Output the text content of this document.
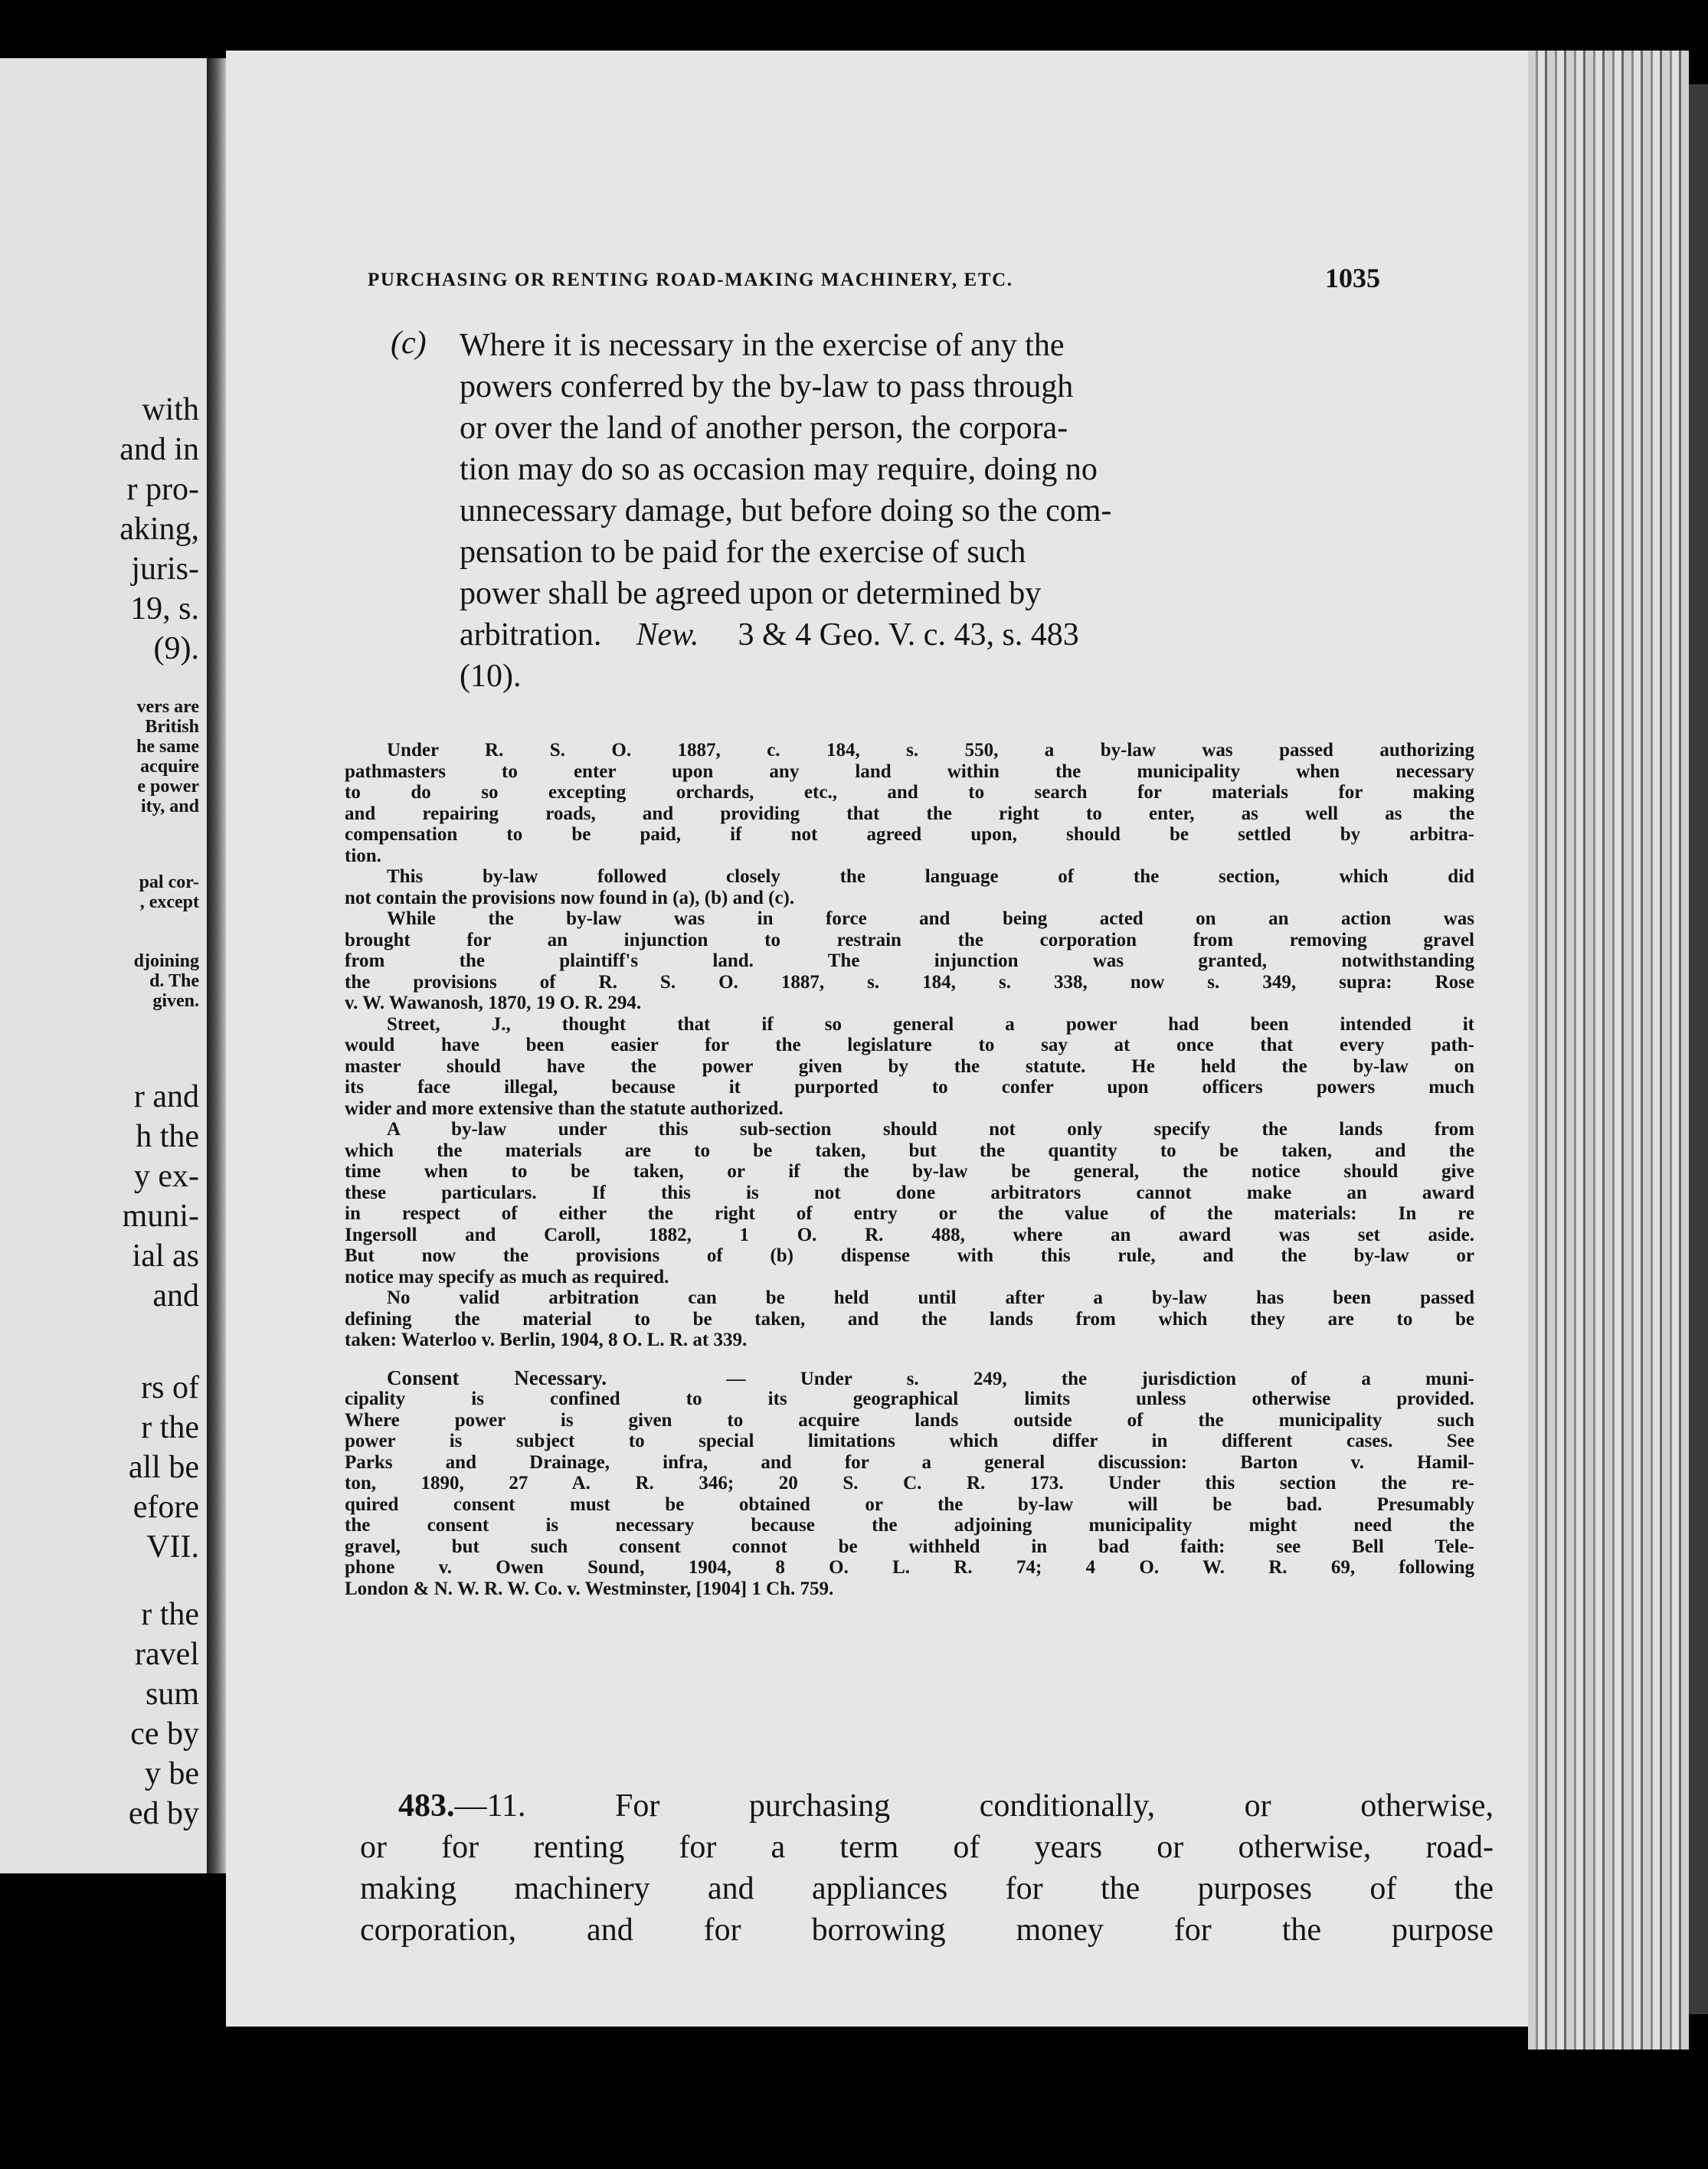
with
and in
r pro-
aking,
juris-
19, s.
(9).
vers are
British
he same
acquire
e power
ity, and
pal cor-
, except
djoining
d. The
given.
r and
h the
y ex-
muni-
ial as
and
rs of
r the
all be
efore
VII.
r the
ravel
sum
ce by
y be
ed by
PURCHASING OR RENTING ROAD-MAKING MACHINERY, ETC.	1035
(c) Where it is necessary in the exercise of any the
powers conferred by the by-law to pass through
or over the land of another person, the corpora-
tion may do so as occasion may require, doing no
unnecessary damage, but before doing so the com-
pensation to be paid for the exercise of such
power shall be agreed upon or determined by
arbitration. New. 3 & 4 Geo. V. c. 43, s. 483
(10).
Under R. S. O. 1887, c. 184, s. 550, a by-law was passed authorizing
pathmasters to enter upon any land within the municipality when necessary
to do so excepting orchards, etc., and to search for materials for making
and repairing roads, and providing that the right to enter, as well as the
compensation to be paid, if not agreed upon, should be settled by arbitra-
tion.
This by-law followed closely the language of the section, which did
not contain the provisions now found in (a), (b) and (c).
While the by-law was in force and being acted on an action was
brought for an injunction to restrain the corporation from removing gravel
from the plaintiff's land. The injunction was granted, notwithstanding
the provisions of R. S. O. 1887, s. 184, s. 338, now s. 349, supra: Rose
v. W. Wawanosh, 1870, 19 O. R. 294.
Street, J., thought that if so general a power had been intended it
would have been easier for the legislature to say at once that every path-
master should have the power given by the statute. He held the by-law on
its face illegal, because it purported to confer upon officers powers much
wider and more extensive than the statute authorized.
A by-law under this sub-section should not only specify the lands from
which the materials are to be taken, but the quantity to be taken, and the
time when to be taken, or if the by-law be general, the notice should give
these particulars. If this is not done arbitrators cannot make an award
in respect of either the right of entry or the value of the materials: In re
Ingersoll and Caroll, 1882, 1 O. R. 488, where an award was set aside.
But now the provisions of (b) dispense with this rule, and the by-law or
notice may specify as much as required.
No valid arbitration can be held until after a by-law has been passed
defining the material to be taken, and the lands from which they are to be
taken: Waterloo v. Berlin, 1904, 8 O. L. R. at 339.
Consent Necessary.	— Under s. 249, the jurisdiction of a muni-
cipality is confined to its geographical limits unless otherwise provided.
Where power is given to acquire lands outside of the municipality such
power is subject to special limitations which differ in different cases. See
Parks and Drainage, infra, and for a general discussion: Barton v. Hamil-
ton, 1890, 27 A. R. 346; 20 S. C. R. 173. Under this section the re-
quired consent must be obtained or the by-law will be bad. Presumably
the consent is necessary because the adjoining municipality might need the
gravel, but such consent connot be withheld in bad faith: see Bell Tele-
phone v. Owen Sound, 1904, 8 O. L. R. 74; 4 O. W. R. 69, following
London & N. W. R. W. Co. v. Westminster, [1904] 1 Ch. 759.
483.—11. For purchasing conditionally, or otherwise,
or for renting for a term of years or otherwise, road-
making machinery and appliances for the purposes of the
corporation, and for borrowing money for the purpose
